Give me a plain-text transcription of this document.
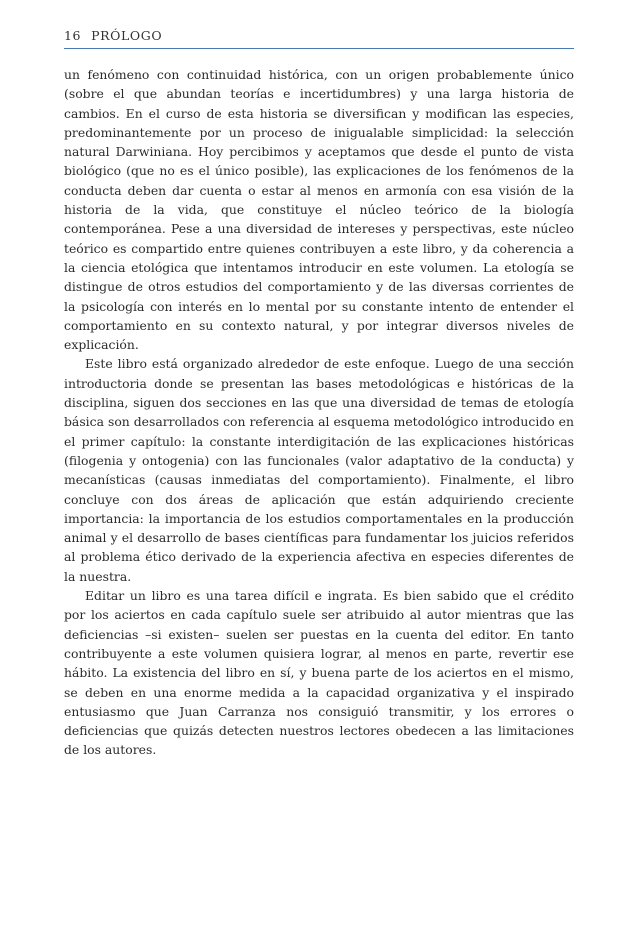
16 PRÓLOGO

un fenómeno con continuidad histórica, con un origen probablemente único (sobre el que abundan teorías e incertidumbres) y una larga historia de cambios. En el curso de esta historia se diversifican y modifican las especies, predominantemente por un proceso de inigualable simplicidad: la selección natural Darwiniana. Hoy percibimos y aceptamos que desde el punto de vista biológico (que no es el único posible), las explicaciones de los fenómenos de la conducta deben dar cuenta o estar al menos en armonía con esa visión de la historia de la vida, que constituye el núcleo teórico de la biología contemporánea. Pese a una diversidad de intereses y perspectivas, este núcleo teórico es compartido entre quienes contribuyen a este libro, y da coherencia a la ciencia etológica que intentamos introducir en este volumen. La etología se distingue de otros estudios del comportamiento y de las diversas corrientes de la psicología con interés en lo mental por su constante intento de entender el comportamiento en su contexto natural, y por integrar diversos niveles de explicación.

Este libro está organizado alrededor de este enfoque. Luego de una sección introductoria donde se presentan las bases metodológicas e históricas de la disciplina, siguen dos secciones en las que una diversidad de temas de etología básica son desarrollados con referencia al esquema metodológico introducido en el primer capítulo: la constante interdigitación de las explicaciones históricas (filogenia y ontogenia) con las funcionales (valor adaptativo de la conducta) y mecanísticas (causas inmediatas del comportamiento). Finalmente, el libro concluye con dos áreas de aplicación que están adquiriendo creciente importancia: la importancia de los estudios comportamentales en la producción animal y el desarrollo de bases científicas para fundamentar los juicios referidos al problema ético derivado de la experiencia afectiva en especies diferentes de la nuestra.

Editar un libro es una tarea difícil e ingrata. Es bien sabido que el crédito por los aciertos en cada capítulo suele ser atribuido al autor mientras que las deficiencias –si existen– suelen ser puestas en la cuenta del editor. En tanto contribuyente a este volumen quisiera lograr, al menos en parte, revertir ese hábito. La existencia del libro en sí, y buena parte de los aciertos en el mismo, se deben en una enorme medida a la capacidad organizativa y el inspirado entusiasmo que Juan Carranza nos consiguió transmitir, y los errores o deficiencias que quizás detecten nuestros lectores obedecen a las limitaciones de los autores.
